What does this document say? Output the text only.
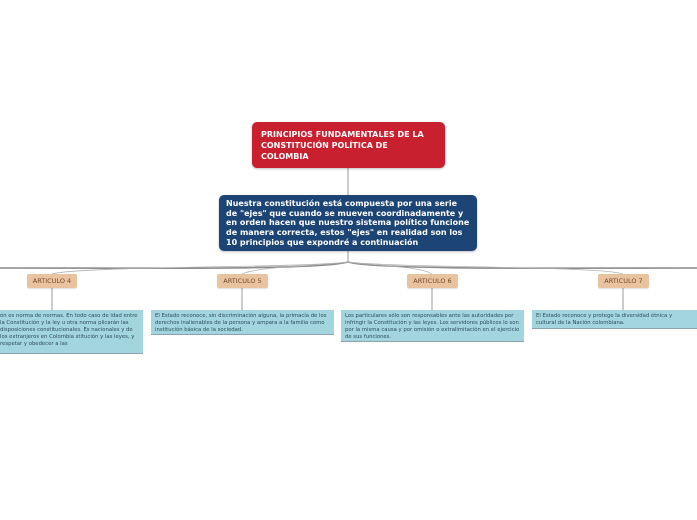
PRINCIPIOS FUNDAMENTALES DE LA CONSTITUCIÓN POLÍTICA DE COLOMBIA
Nuestra constitución está compuesta por una serie de "ejes" que cuando se mueven coordinadamente y en orden hacen que nuestro sistema político funcione de manera correcta, estos "ejes" en realidad son los 10 principios que expondré a continuación
ARTICULO 4	ARTICULO 5	ARTICULO 6	ARTICULO 7
ón es norma de normas. En todo caso de idad entre la Constitución y la ley u otra norma plicarán las disposiciones constitucionales. Es nacionales y de los extranjeros en Colombia stitución y las leyes, y respetar y obedecer a las
El Estado reconoce, sin discriminación alguna, la primacía de los derechos inalienables de la persona y ampara a la familia como institución básica de la sociedad.
Los particulares sólo son responsables ante las autoridades por infringir la Constitución y las leyes. Los servidores públicos lo son por la misma causa y por omisión o extralimitación en el ejercicio de sus funciones.
El Estado reconoce y protege la diversidad étnica y cultural de la Nación colombiana.
